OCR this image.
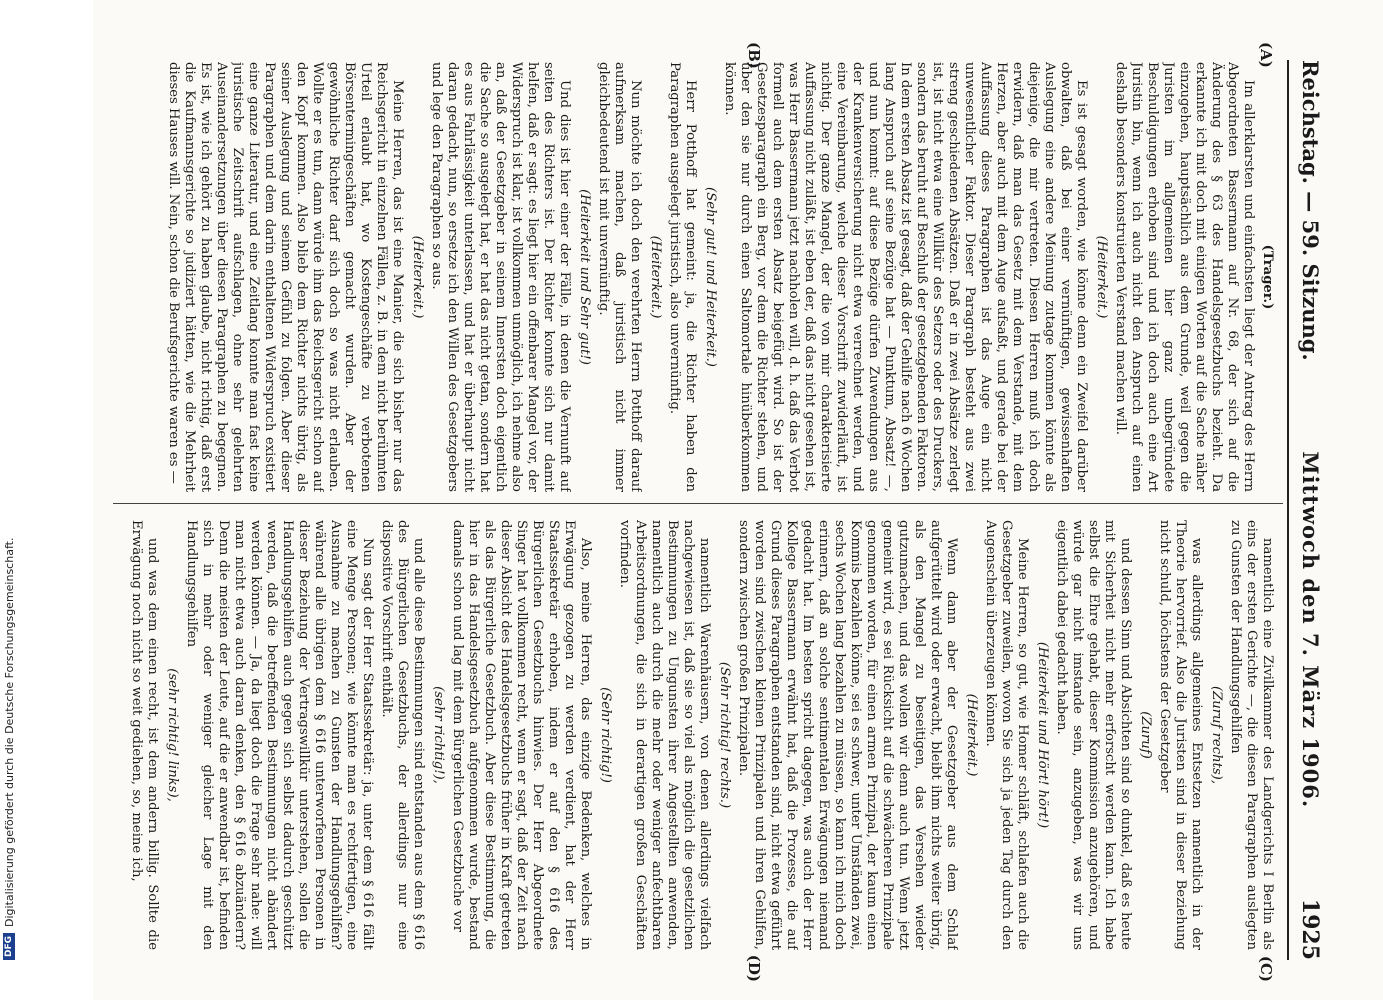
Reichstag. — 59. Sitzung.
Mittwoch den 7. März 1906.
1925
(A)
(B)
(C)
(D)

(Trager.)

Im allerklarsten und einfachsten liegt der Antrag des Herrn Abgeordneten Bassermann auf Nr. 68, der sich auf die Änderung des § 63 des Handelsgesetzbuchs bezieht. Da erkannte ich mit doch mit einigen Worten auf die Sache näher einzugehen, hauptsächlich aus dem Grunde, weil gegen die Juristen im allgemeinen hier ganz unbegründete Beschuldigungen erhoben sind und ich doch auch eine Art Juristin bin, wenn ich auch nicht den Anspruch auf einen deshalb besonders konstruierten Verstand machen will.

(Heiterkeit.)

Es ist gesagt worden, wie könne denn ein Zweifel darüber obwalten, daß bei einer vernünftigen, gewissenhaften Auslegung eine andere Meinung zutage kommen könnte als diejenige, die mir vertreten. Diesen Herren muß ich doch erwidern, daß man das Gesetz mit dem Verstande, mit dem Herzen, aber auch mit dem Auge aufsaßt, und gerade bei der Auffassung dieses Paragraphen ist das Auge ein nicht unwesentlicher Faktor. Dieser Paragraph besteht aus zwei streng geschiedenen Absätzen. Daß er in zwei Absätze zerlegt ist, ist nicht etwa eine Willkür des Setzers oder des Druckers, sondern das beruht auf Beschluß der gesetzgebenden Faktoren. In dem ersten Absatz ist gesagt, daß der Gehilfe nach 6 Wochen lang Anspruch auf seine Bezüge hat — Punktum, Absatz! —, und nun kommt: auf diese Bezüge dürfen Zuwendungen aus der Krankenversicherung nicht etwa verrechnet werden, und eine Vereinbarung, welche dieser Vorschrift zuwiderläuft, ist nichtig. Der ganze Mangel, der die von mir charakterisierte Auffassung nicht zuläßt, ist eben der, daß das nicht gesehen ist, was Herr Bassermann jetzt nachholen will, d. h. daß das Verbot formell auch dem ersten Absatz beigefügt wird. So ist der Gesetzesparagraph ein Berg, vor dem die Richter stehen, und über den sie nur durch einen Saltomortale hinüberkommen können.

(Sehr gut! und Heiterkeit.)

Herr Potthoff hat gemeint: ja, die Richter haben den Paragraphen ausgelegt juristisch, also unvernünftig.

(Heiterkeit.)

Nun möchte ich doch den verehrten Herrn Potthoff darauf aufmerksam machen, daß juristisch nicht immer gleichbedeutend ist mit unvernünftig.

(Heiterkeit und Sehr gut!)

Und dies ist hier einer der Fälle, in denen die Vernunft auf seiten des Richters ist. Der Richter konnte sich nur damit helfen, daß er sagt: es liegt hier ein offenbarer Mangel vor, der Widerspruch ist klar, ist vollkommen unmöglich, ich nehme also an, daß der Gesetzgeber in seinem Innersten doch eigentlich die Sache so ausgelegt hat, er hat das nicht getan, sondern hat es aus Fahrlässigkeit unterlassen, und hat er überhaupt nicht daran gedacht, nun, so ersetze ich den Willen des Gesetzgebers und lege den Paragraphen so aus.

(Heiterkeit.)

Meine Herren, das ist eine Manier, die sich bisher nur das Reichsgericht in einzelnen Fällen, z. B. in dem nicht berühmten Urteil erlaubt hat, wo Kostengeschäfte zu verbotenen Börsentermingeschäften gemacht wurden. Aber der gewöhnliche Richter darf sich doch so was nicht erlauben. Wollte er es tun, dann würde ihm das Reichsgericht schon auf den Kopf kommen. Also blieb dem Richter nichts übrig, als seiner Auslegung und seinem Gefühl zu folgen. Aber dieser Paragraphen und dem darin enthaltenen Widerspruch existiert eine ganze Literatur, und eine Zeitlang konnte man fast keine juristische Zeitschrift aufschlagen, ohne sehr gelehrten Auseinandersetzungen über diesen Paragraphen zu begegnen. Es ist, wie ich gehört zu haben glaube, nicht richtig, daß erst die Kaufmannsgerichte so judiziert hätten, wie die Mehrheit dieses Hauses will. Nein, schon die Berufsgerichte waren es —

namentlich eine Zivilkammer des Landgerichts I Berlin als eins der ersten Gerichte —, die diesen Paragraphen auslegten zu Gunsten der Handlungsgehilfen

(Zuruf rechts),

was allerdings allgemeines Entsetzen namentlich in der Theorie hervorrief. Also die Juristen sind in dieser Beziehung nicht schuld, höchstens der Gesetzgeber

(Zuruf)

und dessen Sinn und Absichten sind so dunkel, daß es heute mit Sicherheit nicht mehr erforscht werden kann. Ich habe selbst die Ehre gehabt, dieser Kommission anzugehören, und würde gar nicht imstande sein, anzugeben, was wir uns eigentlich dabei gedacht haben.

(Heiterkeit und Hört! hört!)

Meine Herren, so gut, wie Homer schläft, schlafen auch die Gesetzgeber zuweilen, wovon Sie sich ja jeden Tag durch den Augenschein überzeugen können.

(Heiterkeit.)

Wenn dann aber der Gesetzgeber aus dem Schlaf aufgerüttelt wird oder erwacht, bleibt ihm nichts weiter übrig, als den Mangel zu beseitigen, das Versehen wieder gutzumachen, und das wollen wir denn auch tun. Wenn jetzt gemeint wird, es sei Rücksicht auf die schwächeren Prinzipale genommen worden, für einen armen Prinzipal, der kaum einen Kommis bezahlen könne, sei es schwer, unter Umständen zwei, sechs Wochen lang bezahlen zu müssen, so kann ich mich doch erinnern, daß an solche sentimentalen Erwägungen niemand gedacht hat. Im besten spricht dagegen, was auch der Herr Kollege Bassermann erwähnt hat, daß die Prozesse, die auf Grund dieses Paragraphen entstanden sind, nicht etwa geführt worden sind zwischen kleinen Prinzipalen und ihren Gehilfen, sondern zwischen großen Prinzipalen.

(Sehr richtig! rechts.)

namentlich Warenhäusern, von denen allerdings vielfach nachgewiesen ist, daß sie so viel als möglich die gesetzlichen Bestimmungen zu Ungunsten ihrer Angestellten anwenden, namentlich auch durch die mehr oder weniger anfechtbaren Arbeitsordnungen, die sich in derartigen großen Geschäften vorfinden.

(Sehr richtig!)

Also, meine Herren, das einzige Bedenken, welches in Erwägung gezogen zu werden verdient, hat der Herr Staatssekretär erhoben, indem er auf den § 616 des Bürgerlichen Gesetzbuchs hinwies. Der Herr Abgeordnete Singer hat vollkommen recht, wenn er sagt, daß der Zeit nach dieser Absicht des Handelsgesetzbuchs früher in Kraft getreten als das Bürgerliche Gesetzbuch. Aber diese Bestimmung, die hier in das Handelsgesetzbuch aufgenommen wurde, bestand damals schon und lag mit dem Bürgerlichen Gesetzbuche vor

(sehr richtig!),

und alle diese Bestimmungen sind entstanden aus dem § 616 des Bürgerlichen Gesetzbuchs, der allerdings nur eine dispositive Vorschrift enthält.

Nun sagt der Herr Staatssekretär: ja, unter dem § 616 fällt eine Menge Personen; wie könnte man es rechtfertigen, eine Ausnahme zu machen zu Gunsten der Handlungsgehilfen? während alle übrigen dem § 616 unterworfenen Personen in dieser Beziehung der Vertragswillkür unterstehen, sollen die Handlungsgehilfen auch gegen sich selbst dadurch geschützt werden, daß die betreffenden Bestimmungen nicht abändert werden können. — Ja, da liegt doch die Frage sehr nahe: will man nicht etwa auch daran denken, den § 616 abzuändern? Denn die meisten der Leute, auf die er anwendbar ist, befinden sich in mehr oder weniger gleicher Lage mit den Handlungsgehilfen

(sehr richtig! links),

und was dem einen recht, ist dem andern billig. Sollte die Erwägung noch nicht so weit gediehen, so, meine ich,

DFG
Digitalisierung gefördert durch die Deutsche Forschungsgemeinschaft.
